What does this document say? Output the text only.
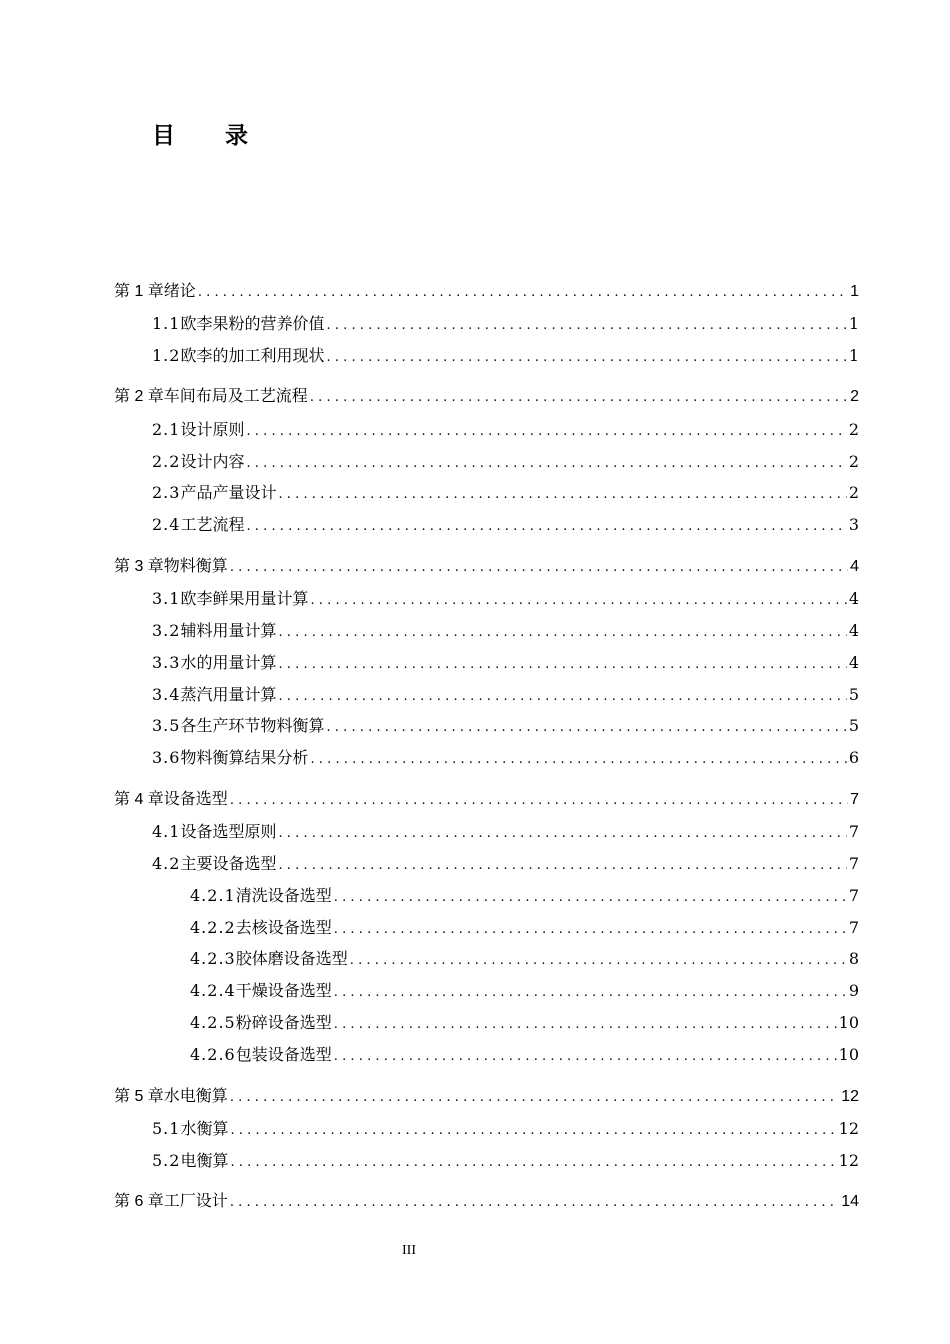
目 录
第 1 章 绪论 .....	1
1.1 欧李果粉的营养价值 .....	1
1.2 欧李的加工利用现状 .....	1
第 2 章 车间布局及工艺流程 .....	2
2.1 设计原则 .....	2
2.2 设计内容 .....	2
2.3 产品产量设计 .....	2
2.4 工艺流程 .....	3
第 3 章 物料衡算 .....	4
3.1 欧李鲜果用量计算 .....	4
3.2 辅料用量计算 .....	4
3.3 水的用量计算 .....	4
3.4 蒸汽用量计算 .....	5
3.5 各生产环节物料衡算 .....	5
3.6 物料衡算结果分析 .....	6
第 4 章 设备选型 .....	7
4.1 设备选型原则 .....	7
4.2 主要设备选型 .....	7
4.2.1 清洗设备选型 .....	7
4.2.2 去核设备选型 .....	7
4.2.3 胶体磨设备选型 .....	8
4.2.4 干燥设备选型 .....	9
4.2.5 粉碎设备选型 .....	10
4.2.6 包装设备选型 .....	10
第 5 章 水电衡算 .....	12
5.1 水衡算 .....	12
5.2 电衡算 .....	12
第 6 章 工厂设计 .....	14
III
